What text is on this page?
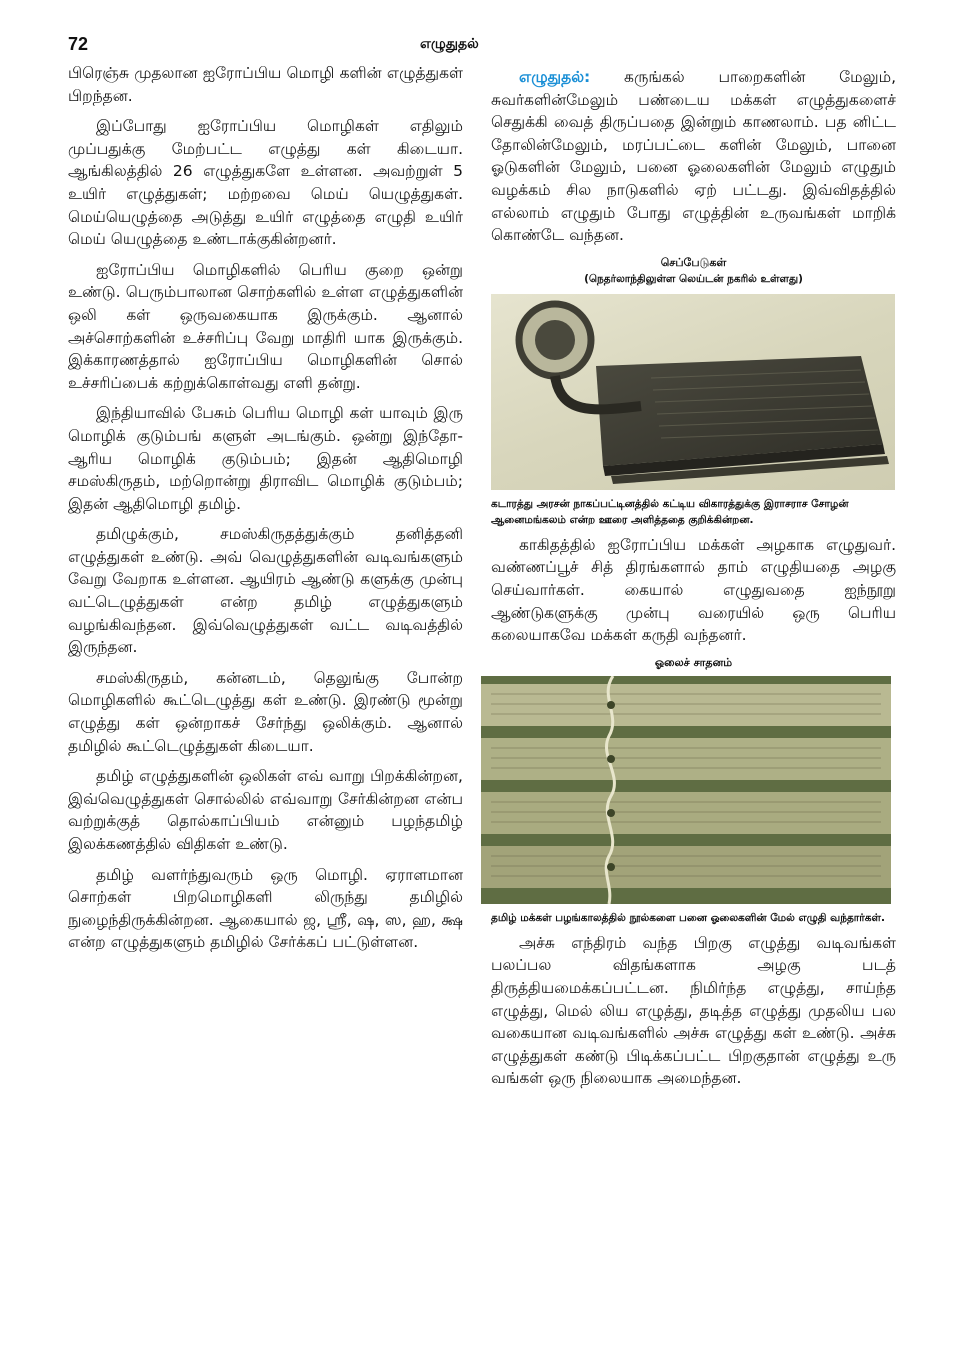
72	எழுதுதல்

பிரெஞ்சு முதலான ஐரோப்பிய மொழி களின் எழுத்துகள் பிறந்தன.

இப்போது ஐரோப்பிய மொழிகள் எதிலும் முப்பதுக்கு மேற்பட்ட எழுத்து கள் கிடையா. ஆங்கிலத்தில் 26 எழுத்துகளே உள்ளன. அவற்றுள் 5 உயிர் எழுத்துகள்; மற்றவை மெய் யெழுத்துகள். மெய்யெழுத்தை அடுத்து உயிர் எழுத்தை எழுதி உயிர் மெய் யெழுத்தை உண்டாக்குகின்றனர்.

ஐரோப்பிய மொழிகளில் பெரிய குறை ஒன்று உண்டு. பெரும்பாலான சொற்களில் உள்ள எழுத்துகளின் ஒலி கள் ஒருவகையாக இருக்கும். ஆனால் அச்சொற்களின் உச்சரிப்பு வேறு மாதிரி யாக இருக்கும். இக்காரணத்தால் ஐரோப்பிய மொழிகளின் சொல் உச்சரிப்பைக் கற்றுக்கொள்வது எளி தன்று.

இந்தியாவில் பேசும் பெரிய மொழி கள் யாவும் இரு மொழிக் குடும்பங் களுள் அடங்கும். ஒன்று இந்தோ-ஆரிய மொழிக் குடும்பம்; இதன் ஆதிமொழி சமஸ்கிருதம், மற்றொன்று திராவிட மொழிக் குடும்பம்; இதன் ஆதிமொழி தமிழ்.

தமிழுக்கும், சமஸ்கிருதத்துக்கும் தனித்தனி எழுத்துகள் உண்டு. அவ் வெழுத்துகளின் வடிவங்களும் வேறு வேறாக உள்ளன. ஆயிரம் ஆண்டு களுக்கு முன்பு வட்டெழுத்துகள் என்ற தமிழ் எழுத்துகளும் வழங்கிவந்தன. இவ்வெழுத்துகள் வட்ட வடிவத்தில் இருந்தன.

சமஸ்கிருதம், கன்னடம், தெலுங்கு போன்ற மொழிகளில் கூட்டெழுத்து கள் உண்டு. இரண்டு மூன்று எழுத்து கள் ஒன்றாகச் சேர்ந்து ஒலிக்கும். ஆனால் தமிழில் கூட்டெழுத்துகள் கிடையா.

தமிழ் எழுத்துகளின் ஒலிகள் எவ் வாறு பிறக்கின்றன, இவ்வெழுத்துகள் சொல்லில் எவ்வாறு சேர்கின்றன என்ப வற்றுக்குத் தொல்காப்பியம் என்னும் பழந்தமிழ் இலக்கணத்தில் விதிகள் உண்டு.

தமிழ் வளர்ந்துவரும் ஒரு மொழி. ஏராளமான சொற்கள் பிறமொழிகளி லிருந்து தமிழில் நுழைந்திருக்கின்றன. ஆகையால் ஜ, ஸ்ரீ, ஷ, ஸ, ஹ, க்ஷ என்ற எழுத்துகளும் தமிழில் சேர்க்கப் பட்டுள்ளன.

எழுதுதல்: கருங்கல் பாறைகளின் மேலும், சுவர்களின்மேலும் பண்டைய மக்கள் எழுத்துகளைச் செதுக்கி வைத் திருப்பதை இன்றும் காணலாம். பத னிட்ட தோலின்மேலும், மரப்பட்டை களின் மேலும், பானை ஓடுகளின் மேலும், பனை ஓலைகளின் மேலும் எழுதும் வழக்கம் சில நாடுகளில் ஏற் பட்டது. இவ்விதத்தில் எல்லாம் எழுதும் போது எழுத்தின் உருவங்கள் மாறிக் கொண்டே வந்தன.

செப்பேடுகள்
(நெதர்லாந்திலுள்ள லெய்டன் நகரில் உள்ளது)
கடாரத்து அரசன் நாகப்பட்டினத்தில் கட்டிய விகாரத்துக்கு இராசராச சோழன் ஆனைமங்கலம் என்ற ஊரை அளித்ததை குறிக்கின்றன.

காகிதத்தில் ஐரோப்பிய மக்கள் அழகாக எழுதுவர். வண்ணப்பூச் சித் திரங்களால் தாம் எழுதியதை அழகு செய்வார்கள். கையால் எழுதுவதை ஐந்நூறு ஆண்டுகளுக்கு முன்பு வரையில் ஒரு பெரிய கலையாகவே மக்கள் கருதி வந்தனர்.

ஓலைச் சாதனம்
தமிழ் மக்கள் பழங்காலத்தில் நூல்களை பனை ஓலைகளின் மேல் எழுதி வந்தார்கள்.

அச்சு எந்திரம் வந்த பிறகு எழுத்து வடிவங்கள் பலப்பல விதங்களாக அழகு படத் திருத்தியமைக்கப்பட்டன. நிமிர்ந்த எழுத்து, சாய்ந்த எழுத்து, மெல் லிய எழுத்து, தடித்த எழுத்து முதலிய பல வகையான வடிவங்களில் அச்சு எழுத்து கள் உண்டு. அச்சு எழுத்துகள் கண்டு பிடிக்கப்பட்ட பிறகுதான் எழுத்து உரு வங்கள் ஒரு நிலையாக அமைந்தன.
